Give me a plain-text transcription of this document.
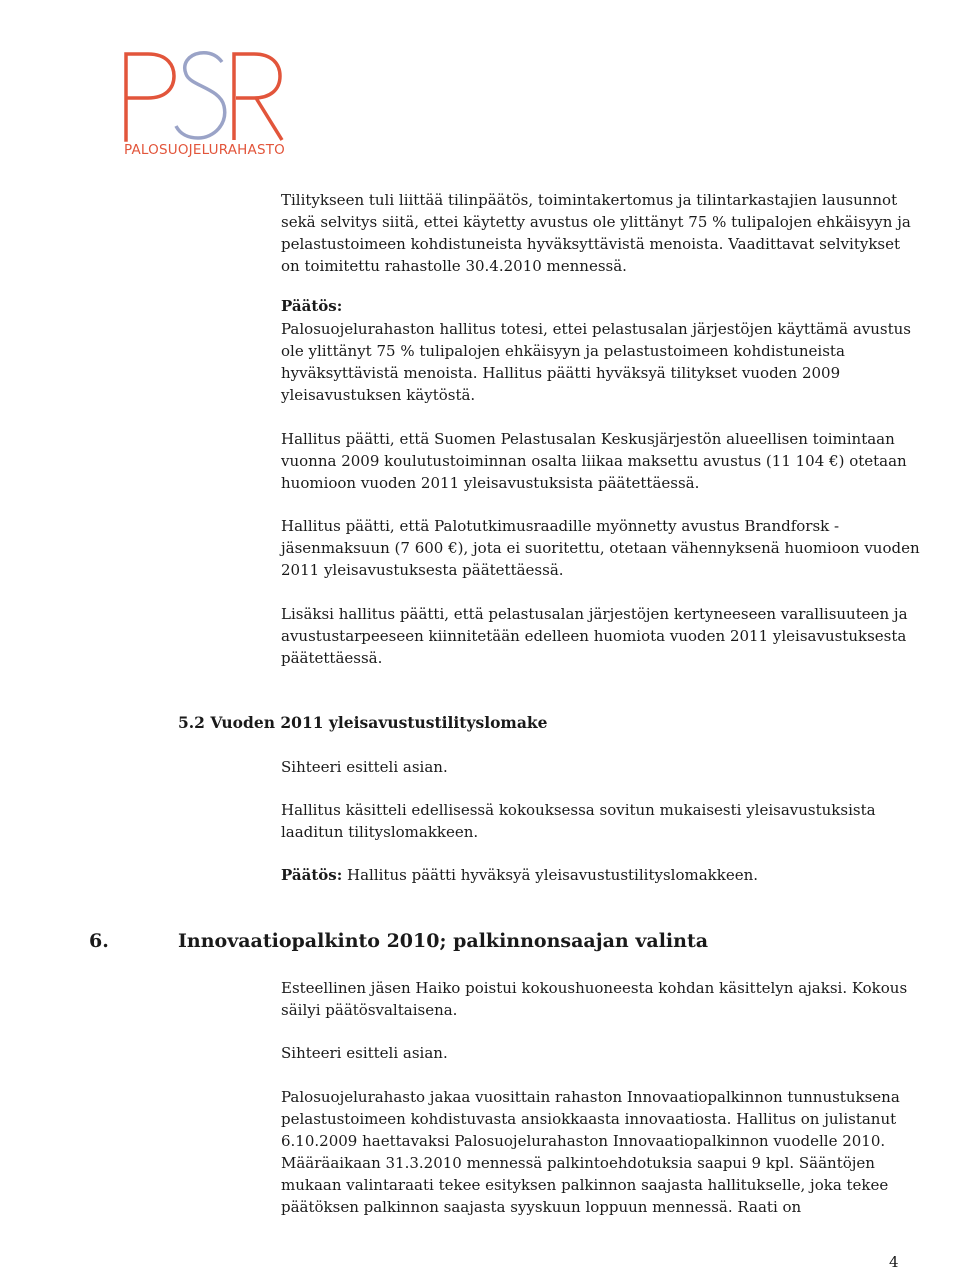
PALOSUOJELURAHASTO

Tilitykseen tuli liittää tilinpäätös, toimintakertomus ja tilintarkastajien lausunnot sekä selvitys siitä, ettei käytetty avustus ole ylittänyt 75 % tulipalojen ehkäisyyn ja pelastustoimeen kohdistuneista hyväksyttävistä menoista. Vaadittavat selvitykset on toimitettu rahastolle 30.4.2010 mennessä.

Päätös:

Palosuojelurahaston hallitus totesi, ettei pelastusalan järjestöjen käyttämä avustus ole ylittänyt 75 % tulipalojen ehkäisyyn ja pelastustoimeen kohdistuneista hyväksyttävistä menoista. Hallitus päätti hyväksyä tilitykset vuoden 2009 yleisavustuksen käytöstä.

Hallitus päätti, että Suomen Pelastusalan Keskusjärjestön alueellisen toimintaan vuonna 2009 koulutustoiminnan osalta liikaa maksettu avustus (11 104 €) otetaan huomioon vuoden 2011 yleisavustuksista päätettäessä.

Hallitus päätti, että Palotutkimusraadille myönnetty avustus Brandforsk - jäsenmaksuun (7 600 €), jota ei suoritettu, otetaan vähennyksenä huomioon vuoden 2011 yleisavustuksesta päätettäessä.

Lisäksi hallitus päätti, että pelastusalan järjestöjen kertyneeseen varallisuuteen ja avustustarpeeseen kiinnitetään edelleen huomiota vuoden 2011 yleisavustuksesta päätettäessä.

5.2 Vuoden 2011 yleisavustustilityslomake

Sihteeri esitteli asian.

Hallitus käsitteli edellisessä kokouksessa sovitun mukaisesti yleisavustuksista laaditun tilityslomakkeen.

Päätös: Hallitus päätti hyväksyä yleisavustustilityslomakkeen.

6.	Innovaatiopalkinto 2010; palkinnonsaajan valinta

Esteellinen jäsen Haiko poistui kokoushuoneesta kohdan käsittelyn ajaksi. Kokous säilyi päätösvaltaisena.

Sihteeri esitteli asian.

Palosuojelurahasto jakaa vuosittain rahaston Innovaatiopalkinnon tunnustuksena pelastustoimeen kohdistuvasta ansiokkaasta innovaatiosta. Hallitus on julistanut 6.10.2009 haettavaksi Palosuojelurahaston Innovaatiopalkinnon vuodelle 2010. Määräaikaan 31.3.2010 mennessä palkintoehdotuksia saapui 9 kpl. Sääntöjen mukaan valintaraati tekee esityksen palkinnon saajasta hallitukselle, joka tekee päätöksen palkinnon saajasta syyskuun loppuun mennessä. Raati on

4
